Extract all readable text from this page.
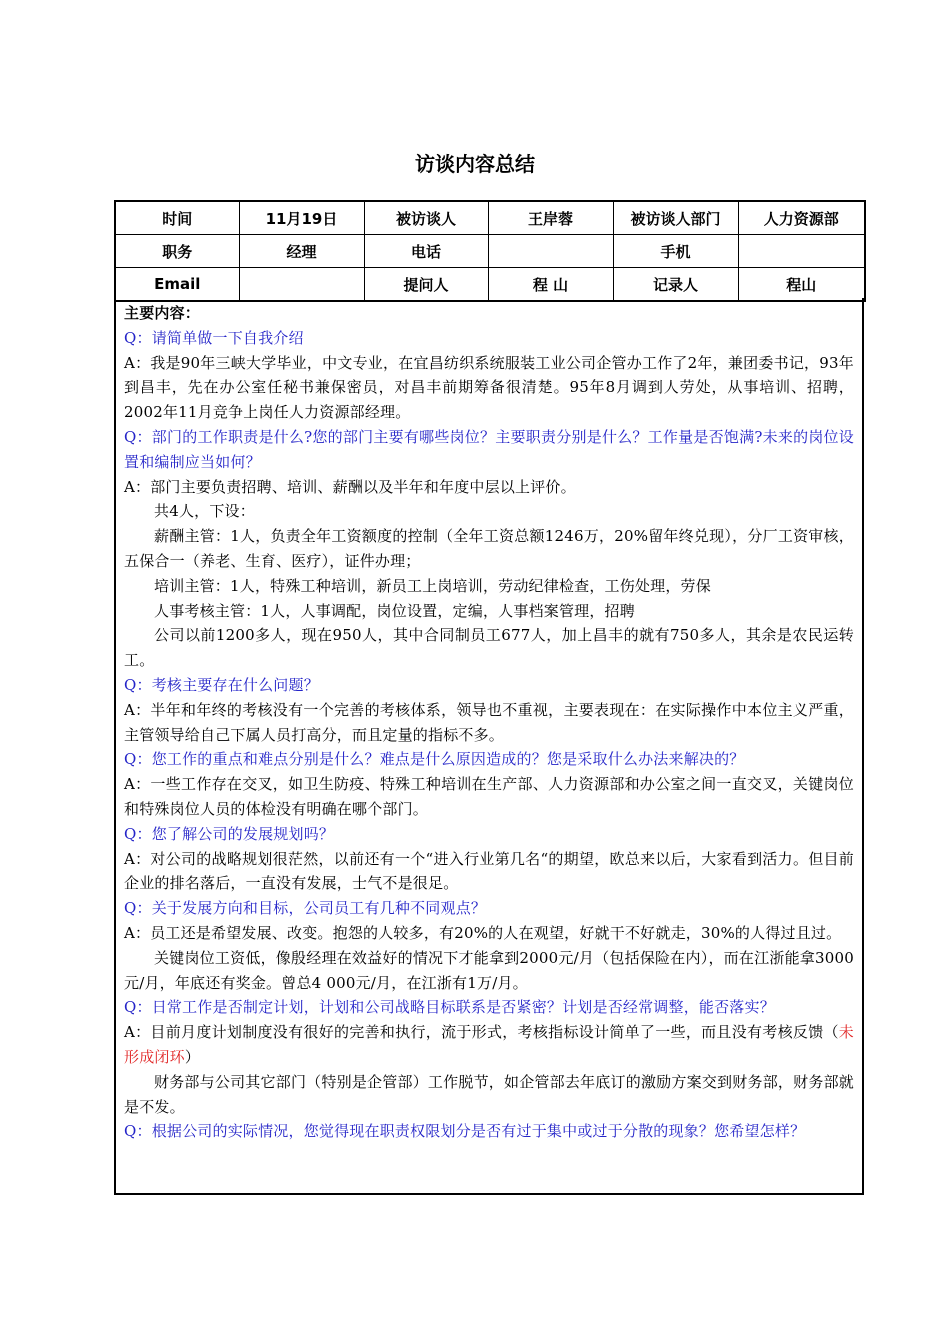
访谈内容总结
时间	11月19日	被访谈人	王岸蓉	被访谈人部门	人力资源部
职务	经理	电话		手机	
Email		提问人	程 山	记录人	程山

主要内容：

Q：请简单做一下自我介绍

A：我是90年三峡大学毕业，中文专业，在宜昌纺织系统服装工业公司企管办工作了2年，兼团委书记，93年到昌丰，先在办公室任秘书兼保密员，对昌丰前期筹备很清楚。95年8月调到人劳处，从事培训、招聘，2002年11月竞争上岗任人力资源部经理。

Q：部门的工作职责是什么?您的部门主要有哪些岗位？主要职责分别是什么？工作量是否饱满?未来的岗位设置和编制应当如何？

A：部门主要负责招聘、培训、薪酬以及半年和年度中层以上评价。

共4人，下设：

薪酬主管：1人，负责全年工资额度的控制（全年工资总额1246万，20%留年终兑现），分厂工资审核，五保合一（养老、生育、医疗），证件办理；

培训主管：1人，特殊工种培训，新员工上岗培训，劳动纪律检查，工伤处理，劳保

人事考核主管：1人，人事调配，岗位设置，定编，人事档案管理，招聘

公司以前1200多人，现在950人，其中合同制员工677人，加上昌丰的就有750多人，其余是农民运转工。

Q：考核主要存在什么问题？

A：半年和年终的考核没有一个完善的考核体系，领导也不重视，主要表现在：在实际操作中本位主义严重，主管领导给自己下属人员打高分，而且定量的指标不多。

Q：您工作的重点和难点分别是什么？难点是什么原因造成的？您是采取什么办法来解决的？

A：一些工作存在交叉，如卫生防疫、特殊工种培训在生产部、人力资源部和办公室之间一直交叉，关键岗位和特殊岗位人员的体检没有明确在哪个部门。

Q：您了解公司的发展规划吗？

A：对公司的战略规划很茫然，以前还有一个“进入行业第几名“的期望，欧总来以后，大家看到活力。但目前企业的排名落后，一直没有发展，士气不是很足。

Q：关于发展方向和目标，公司员工有几种不同观点？

A：员工还是希望发展、改变。抱怨的人较多，有20%的人在观望，好就干不好就走，30%的人得过且过。

关键岗位工资低，像殷经理在效益好的情况下才能拿到2000元/月（包括保险在内），而在江浙能拿3000元/月，年底还有奖金。曾总4 000元/月，在江浙有1万/月。

Q：日常工作是否制定计划，计划和公司战略目标联系是否紧密？计划是否经常调整，能否落实？

A：目前月度计划制度没有很好的完善和执行，流于形式，考核指标设计简单了一些，而且没有考核反馈（未形成闭环）

财务部与公司其它部门（特别是企管部）工作脱节，如企管部去年底订的激励方案交到财务部，财务部就是不发。

Q：根据公司的实际情况，您觉得现在职责权限划分是否有过于集中或过于分散的现象？您希望怎样？
